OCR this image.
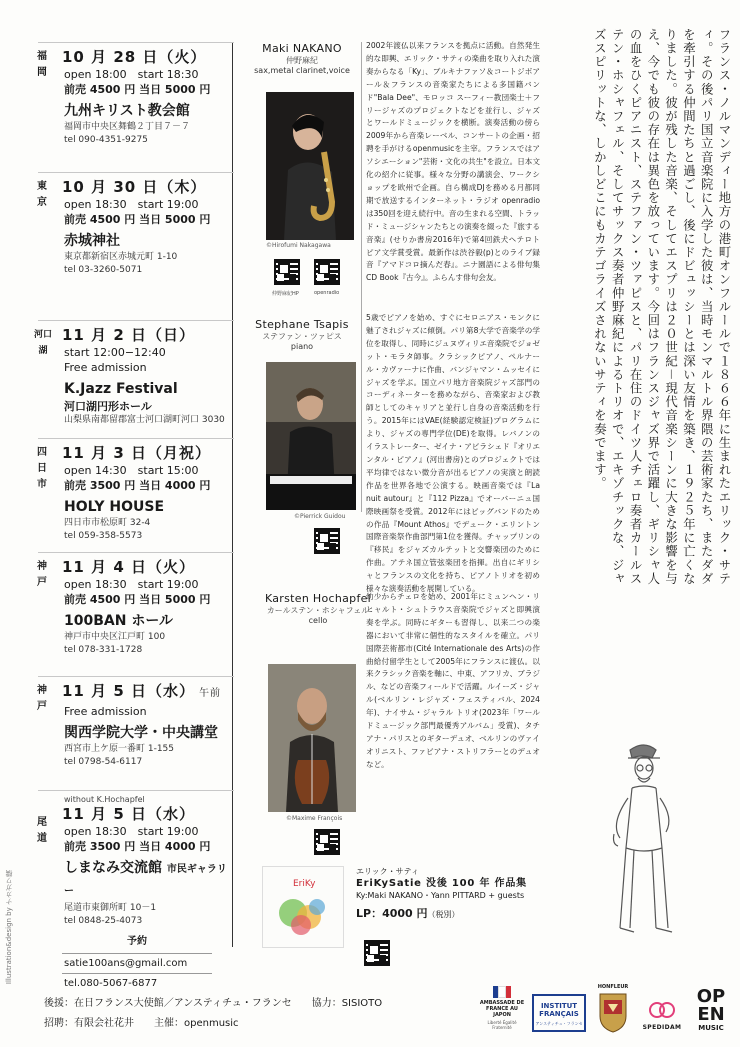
福岡
10 月 28 日（火）
open 18:00　start 18:30
前売 4500 円 当日 5000 円
九州キリスト教会館
福岡市中央区舞鶴２丁目７－７
tel 090-4351-9275
東京
10 月 30 日（木）
open 18:30　start 19:00
前売 4500 円 当日 5000 円
赤城神社
東京都新宿区赤城元町 1-10
tel 03-3260-5071
河口湖
11 月 2 日（日）
start 12:00−12:40
Free admission
K.Jazz Festival
河口湖円形ホール
山梨県南都留郡富士河口湖町河口 3030
四日市
11 月 3 日（月祝）
open 14:30　start 15:00
前売 3500 円 当日 4000 円
HOLY HOUSE
四日市市松原町 32-4
tel 059-358-5573
神戸
11 月 4 日（火）
open 18:30　start 19:00
前売 4500 円 当日 5000 円
100BAN ホール
神戸市中央区江戸町 100
tel 078-331-1728
神戸
11 月 5 日（水） 午前
Free admission
関西学院大学・中央講堂
西宮市上ケ原一番町 1-155
tel 0798-54-6117
without K.Hochapfel
尾道
11 月 5 日（水）
open 18:30　start 19:00
前売 3500 円 当日 4000 円
しまなみ交流館 市民ギャラリー
尾道市東御所町 10－1
tel 0848-25-4073
Illustration&design by ナカガワ橋	予約
satie100ans@gmail.com
tel.080-5067-6877
後援：在日フランス大使館／アンスティチュ・フランセ　　協力：SISIOTO
招聘：有限会社花井　　主催：openmusic
Maki NAKANO
仲野麻紀
sax,metal clarinet,voice
©Hirofumi Nakagawa
仲野麻紀HP	openradio
2002年渡仏以来フランスを拠点に活動。自然発生的な即興、エリック・サティの楽曲を取り入れた演奏からなる「Ky」、ブルキナファソ＆コートジボアール＆フランスの音楽家たちによる多国籍バンド"Bala Dee"、モロッコ スーフィー教団楽士＋フリージャズのプロジェクトなどを並行し、ジャズとワールドミュージックを横断。演奏活動の傍ら2009年から音楽レーベル、コンサートの企画・招聘を手がけるopenmusicを主宰。フランスではアソシエーション"芸術・文化の共生"を設立。日本文化の紹介に従事。様々な分野の講演会、ワークショップを欧州で企画。自ら構成DJを務める月都同期で放送するインターネット・ラジオ openradioは350回を迎え続行中。音の生まれる空間、トラッド・ミュージシャンたちとの演奏を綴った『旅する音楽』(せりか書房2016年)で第4回鉄犬ヘテロトピア文学賞受賞。最新作は渋谷毅(p)とのライブ録音『アマドコロ摘んだ春』。ニナ園語による俳句集 CD Book『古今』。ふらんす俳句会友。
Stephane Tsapis
ステファン・ツァピス
piano
©Pierrick Guidou
5歳でピアノを始め、すぐにセロニアス・モンクに魅了されジャズに傾倒。パリ第8大学で音楽学の学位を取得し、同時にジュヌヴィリエ音楽院でジョゼット・モラタ師事。クラシックピアノ、ペルナール・カヴァーナに作曲、バンジャマン・ムッセイにジャズを学ぶ。国立パリ地方音楽院ジャズ部門のコーディネーターを務めながら、音楽家および教師としてのキャリアと並行し自身の音楽活動を行う。2015年にはVAE(経験認定検証)プログラムにより、ジャズの専門学位(DE)を取得。レバノンのイラストレーター、ゼイナ・アビラシェド『オリエンタル・ピアノ』(河出書房)とのプロジェクトでは平均律ではない微分音が出るピアノの実演と朗読作品を世界各地で公演する。映画音楽では『La nuit autour』と『112 Pizza』でオーバーニュ国際映画祭を受賞。2012年にはビッグバンドのための作品『Mount Athos』でデューク・エリントン国際音楽祭作曲部門第1位を獲得。チャップリンの『移民』をジャズカルテットと交響楽団のために作曲。アテネ国立管弦楽団を指揮。出自にギリシャとフランスの文化を持ち、ピアノトリオを初め様々な演奏活動を展開している。
Karsten Hochapfel
カールステン・ホシャフェル
cello
©Maxime François
幼少からチェロを始め、2001年にミュンヘン・リヒャルト・シュトラウス音楽院でジャズと即興演奏を学ぶ。同時にギターも習得し、以来二つの楽器において非常に個性的なスタイルを確立。パリ国際芸術都市(Cité Internationale des Arts)の作曲給付留学生として2005年にフランスに渡仏。以来クラシック音楽を軸に、中東、アフリカ、ブラジル、などの音楽フィールドで活躍。ルイーズ・ジャル(ベルリン・レジャズ・フェスティバル、2024年)、ナイサム・ジャラル トリオ(2023年「ワールドミュージック部門最優秀アルバム」受賞)、タチアナ・パリスとのギターデュオ、ベルリンのヴァイオリニスト、ファビアナ・ストリフラーとのデュオなど。
フランス・ノルマンディー地方の港町オンフルールで１８６６年に生まれたエリック・サティ。その後パリ国立音楽院に入学した彼は、当時モンマルトル界隈の芸術家たち、またダダを牽引する仲間たちと過ごし、後にドビュッシーとは深い友情を築き、１９２５年に亡くなりました。彼が残した音楽、そしてエスプリは２０世紀－現代音楽シーンに大きな影響を与え、今でも彼の存在は異色を放っています。今回はフランスジャズ界で活躍し、ギリシャ人の血をひくピアニスト、ステファン・ツァピスと、パリ在住のドイツ人チェロ奏者カールステン・ホシャフェル、そしてサックス奏者仲野麻紀によるトリオで、エキゾチックな、ジャズスピリットな、しかしどこにもカテゴライズされないサティを奏でます。
EriKy
エリック・サティ
EriKySatie 没後 100 年 作品集
Ky:Maki NAKANO・Yann PITTARD + guests
LP：4000 円（税別）
AMBASSADE DE FRANCE AU JAPON
Liberté Égalité Fraternité
INSTITUT FRANÇAIS
アンスティチュ・フランセ
HONFLEUR
SPEDIDAM
OP
EN
MUSIC
